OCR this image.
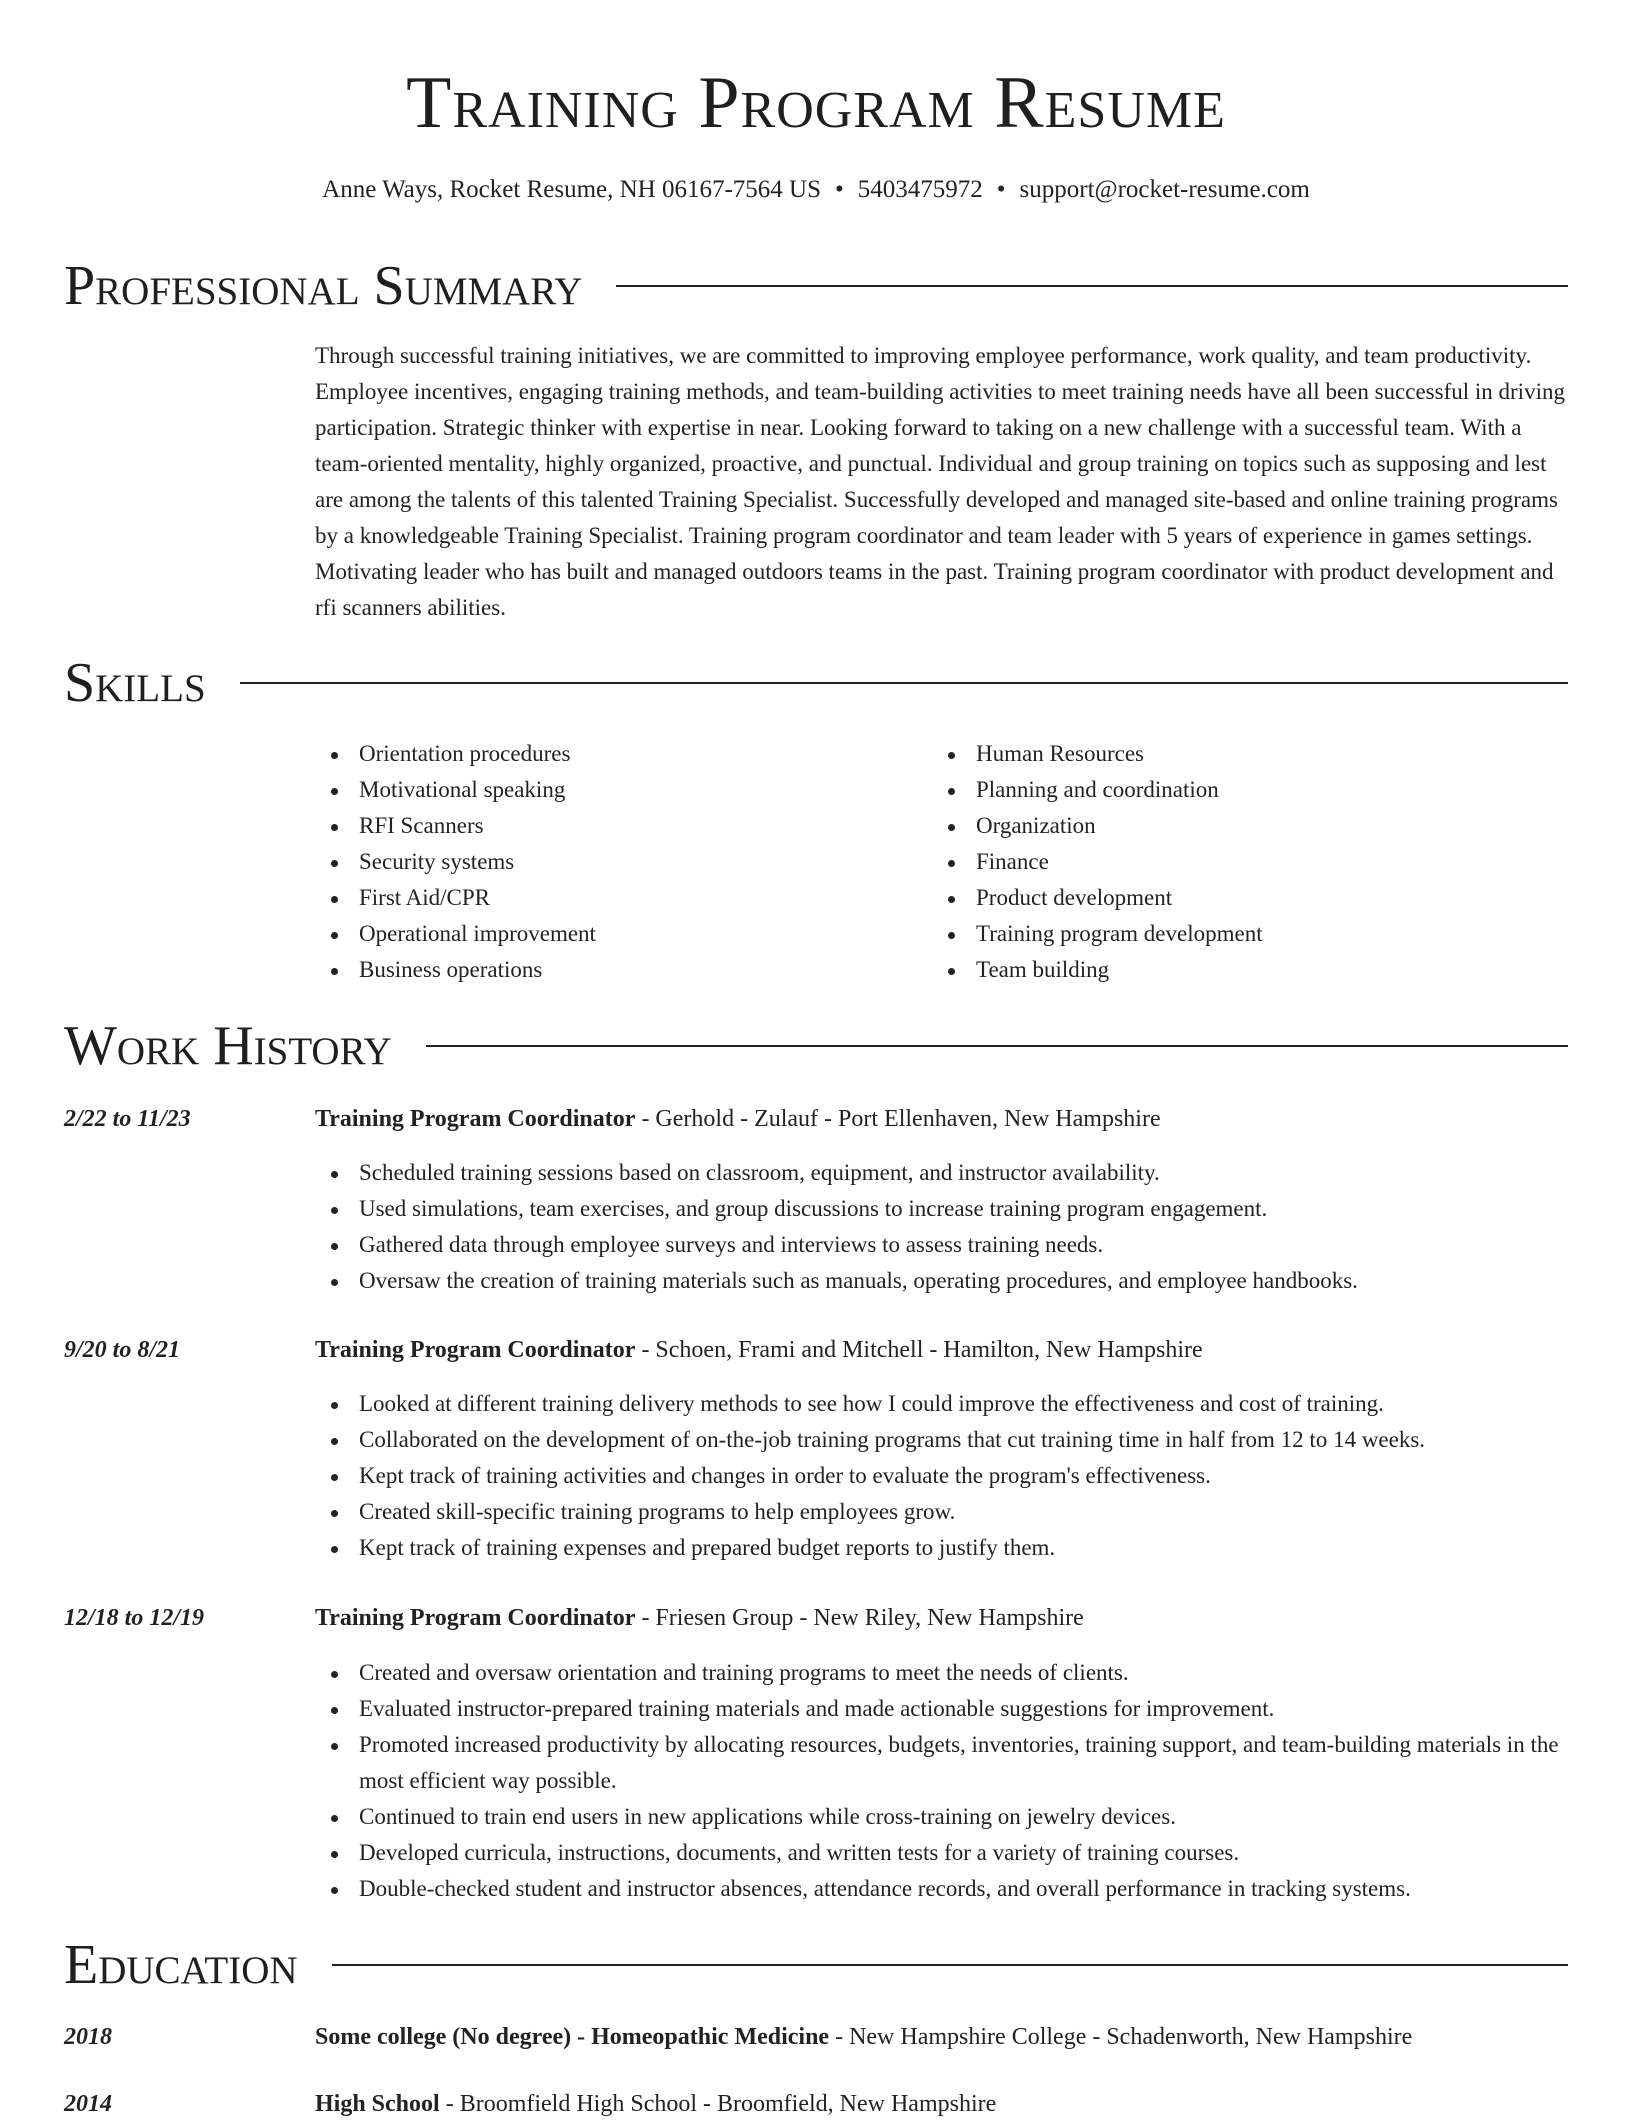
Training Program Resume
Anne Ways, Rocket Resume, NH 06167-7564 US • 5403475972 • support@rocket-resume.com
Professional Summary

Through successful training initiatives, we are committed to improving employee performance, work quality, and team productivity. Employee incentives, engaging training methods, and team-building activities to meet training needs have all been successful in driving participation. Strategic thinker with expertise in near. Looking forward to taking on a new challenge with a successful team. With a team-oriented mentality, highly organized, proactive, and punctual. Individual and group training on topics such as supposing and lest are among the talents of this talented Training Specialist. Successfully developed and managed site-based and online training programs by a knowledgeable Training Specialist. Training program coordinator and team leader with 5 years of experience in games settings. Motivating leader who has built and managed outdoors teams in the past. Training program coordinator with product development and rfi scanners abilities.

Skills
Orientation procedures
Motivational speaking
RFI Scanners
Security systems
First Aid/CPR
Operational improvement
Business operations
Human Resources
Planning and coordination
Organization
Finance
Product development
Training program development
Team building
Work History
2/22 to 11/23	Training Program Coordinator - Gerhold - Zulauf - Port Ellenhaven, New Hampshire
Scheduled training sessions based on classroom, equipment, and instructor availability.
Used simulations, team exercises, and group discussions to increase training program engagement.
Gathered data through employee surveys and interviews to assess training needs.
Oversaw the creation of training materials such as manuals, operating procedures, and employee handbooks.
9/20 to 8/21	Training Program Coordinator - Schoen, Frami and Mitchell - Hamilton, New Hampshire
Looked at different training delivery methods to see how I could improve the effectiveness and cost of training.
Collaborated on the development of on-the-job training programs that cut training time in half from 12 to 14 weeks.
Kept track of training activities and changes in order to evaluate the program's effectiveness.
Created skill-specific training programs to help employees grow.
Kept track of training expenses and prepared budget reports to justify them.
12/18 to 12/19	Training Program Coordinator - Friesen Group - New Riley, New Hampshire
Created and oversaw orientation and training programs to meet the needs of clients.
Evaluated instructor-prepared training materials and made actionable suggestions for improvement.
Promoted increased productivity by allocating resources, budgets, inventories, training support, and team-building materials in the most efficient way possible.
Continued to train end users in new applications while cross-training on jewelry devices.
Developed curricula, instructions, documents, and written tests for a variety of training courses.
Double-checked student and instructor absences, attendance records, and overall performance in tracking systems.
Education
2018	Some college (No degree) - Homeopathic Medicine - New Hampshire College - Schadenworth, New Hampshire
2014	High School - Broomfield High School - Broomfield, New Hampshire
